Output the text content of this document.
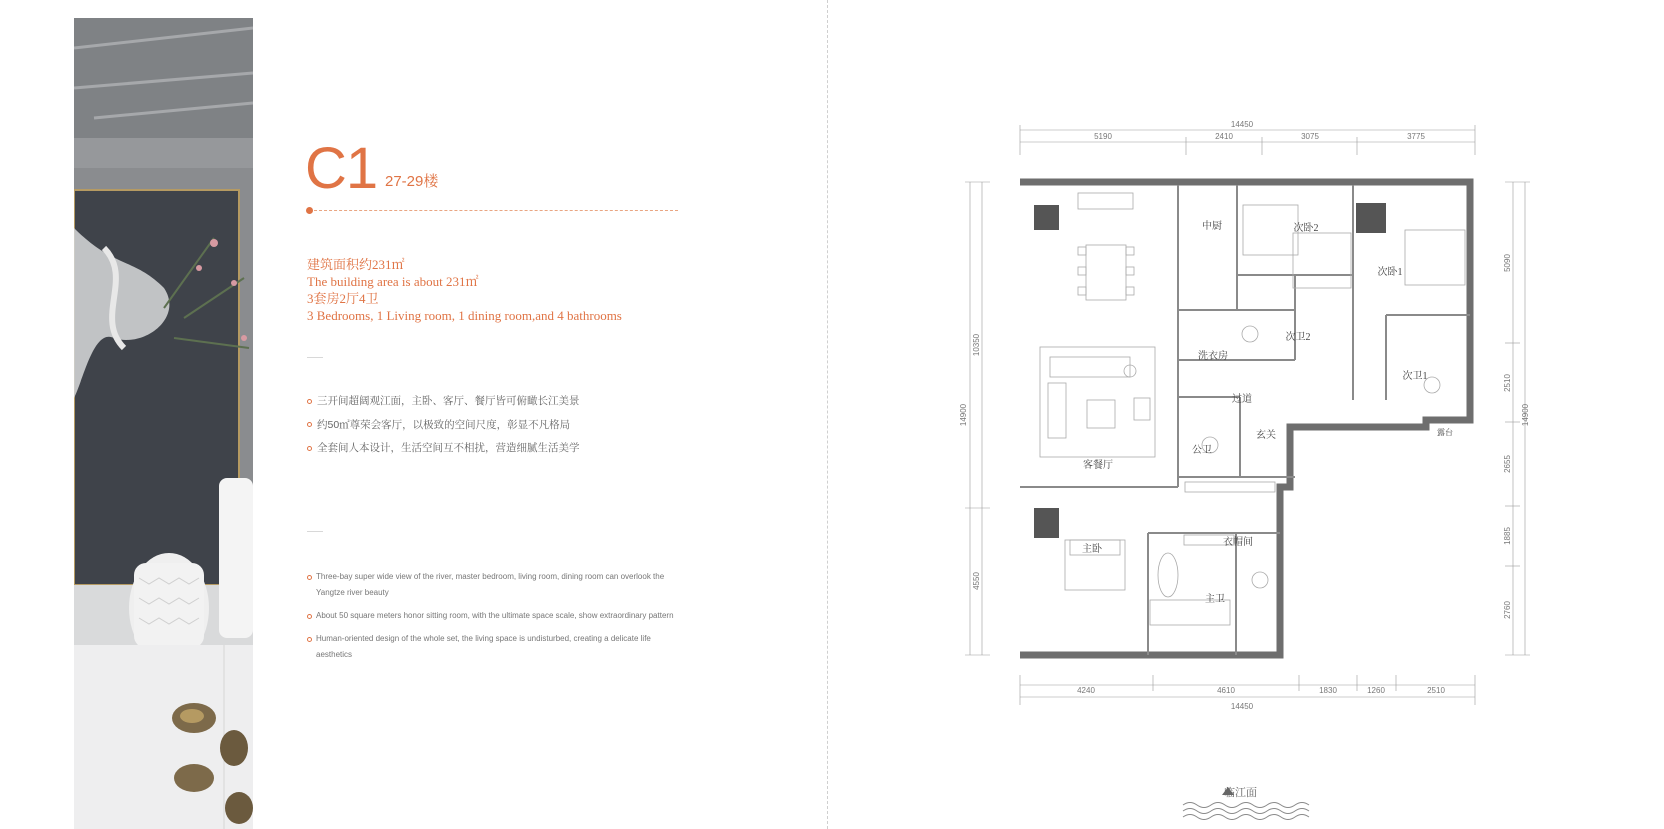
C1 27-29楼
建筑面积约231㎡
The building area is about 231㎡
3套房2厅4卫
3 Bedrooms, 1 Living room, 1 dining room,and 4 bathrooms
三开间超阔观江面，主卧、客厅、餐厅皆可俯瞰长江美景
约50㎡尊荣会客厅，以极致的空间尺度，彰显不凡格局
全套间人本设计，生活空间互不相扰，营造细腻生活美学
Three-bay super wide view of the river, master bedroom, living room, dining room can overlook the Yangtze river beauty
About 50 square meters honor sitting room, with the ultimate space scale, show extraordinary pattern
Human-oriented design of the whole set, the living space is undisturbed, creating a delicate life aesthetics
14450
5190	2410	3075	3775
4240	4610	1830	1260	2510
14450
14900
10350
4550
5090
2510
2655
1885
2760
14900
中厨	次卧2
次卧1
洗衣房
次卫2
次卫1
过道
玄关
公卫
客餐厅
衣帽间
主卧
主卫
露台
临江面
